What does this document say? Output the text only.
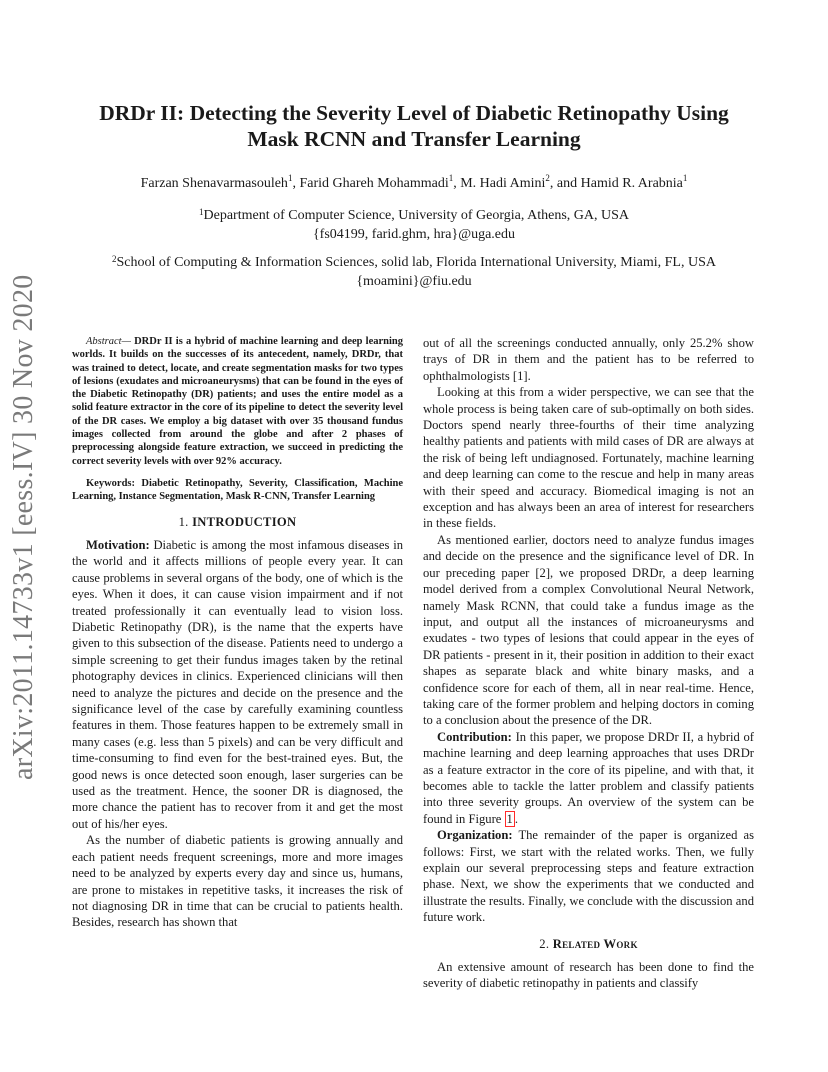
arXiv:2011.14733v1 [eess.IV] 30 Nov 2020
DRDr II: Detecting the Severity Level of Diabetic Retinopathy Using
Mask RCNN and Transfer Learning
Farzan Shenavarmasouleh$^1$, Farid Ghareh Mohammadi$^1$, M. Hadi Amini$^2$, and Hamid R. Arabnia$^1$
$^1$Department of Computer Science, University of Georgia, Athens, GA, USA
{fs04199, farid.ghm, hra}@uga.edu
$^2$School of Computing & Information Sciences, solid lab, Florida International University, Miami, FL, USA
{moamini}@fiu.edu

Abstract— DRDr II is a hybrid of machine learning and deep learning worlds. It builds on the successes of its antecedent, namely, DRDr, that was trained to detect, locate, and create segmentation masks for two types of lesions (exudates and microaneurysms) that can be found in the eyes of the Diabetic Retinopathy (DR) patients; and uses the entire model as a solid feature extractor in the core of its pipeline to detect the severity level of the DR cases. We employ a big dataset with over 35 thousand fundus images collected from around the globe and after 2 phases of preprocessing alongside feature extraction, we succeed in predicting the correct severity levels with over 92% accuracy.

Keywords: Diabetic Retinopathy, Severity, Classification, Machine Learning, Instance Segmentation, Mask R-CNN, Transfer Learning

1. INTRODUCTION

Motivation: Diabetic is among the most infamous diseases in the world and it affects millions of people every year. It can cause problems in several organs of the body, one of which is the eyes. When it does, it can cause vision impairment and if not treated professionally it can eventually lead to vision loss. Diabetic Retinopathy (DR), is the name that the experts have given to this subsection of the disease. Patients need to undergo a simple screening to get their fundus images taken by the retinal photography devices in clinics. Experienced clinicians will then need to analyze the pictures and decide on the presence and the significance level of the case by carefully examining countless features in them. Those features happen to be extremely small in many cases (e.g. less than 5 pixels) and can be very difficult and time-consuming to find even for the best-trained eyes. But, the good news is once detected soon enough, laser surgeries can be used as the treatment. Hence, the sooner DR is diagnosed, the more chance the patient has to recover from it and get the most out of his/her eyes.

As the number of diabetic patients is growing annually and each patient needs frequent screenings, more and more images need to be analyzed by experts every day and since us, humans, are prone to mistakes in repetitive tasks, it increases the risk of not diagnosing DR in time that can be crucial to patients health. Besides, research has shown that

out of all the screenings conducted annually, only 25.2% show trays of DR in them and the patient has to be referred to ophthalmologists [1].

Looking at this from a wider perspective, we can see that the whole process is being taken care of sub-optimally on both sides. Doctors spend nearly three-fourths of their time analyzing healthy patients and patients with mild cases of DR are always at the risk of being left undiagnosed. Fortunately, machine learning and deep learning can come to the rescue and help in many areas with their speed and accuracy. Biomedical imaging is not an exception and has always been an area of interest for researchers in these fields.

As mentioned earlier, doctors need to analyze fundus images and decide on the presence and the significance level of DR. In our preceding paper [2], we proposed DRDr, a deep learning model derived from a complex Convolutional Neural Network, namely Mask RCNN, that could take a fundus image as the input, and output all the instances of microaneurysms and exudates - two types of lesions that could appear in the eyes of DR patients - present in it, their position in addition to their exact shapes as separate black and white binary masks, and a confidence score for each of them, all in near real-time. Hence, taking care of the former problem and helping doctors in coming to a conclusion about the presence of the DR.

Contribution: In this paper, we propose DRDr II, a hybrid of machine learning and deep learning approaches that uses DRDr as a feature extractor in the core of its pipeline, and with that, it becomes able to tackle the latter problem and classify patients into three severity groups. An overview of the system can be found in Figure 1 .

Organization: The remainder of the paper is organized as follows: First, we start with the related works. Then, we fully explain our several preprocessing steps and feature extraction phase. Next, we show the experiments that we conducted and illustrate the results. Finally, we conclude with the discussion and future work.

2. Related Work

An extensive amount of research has been done to find the severity of diabetic retinopathy in patients and classify
